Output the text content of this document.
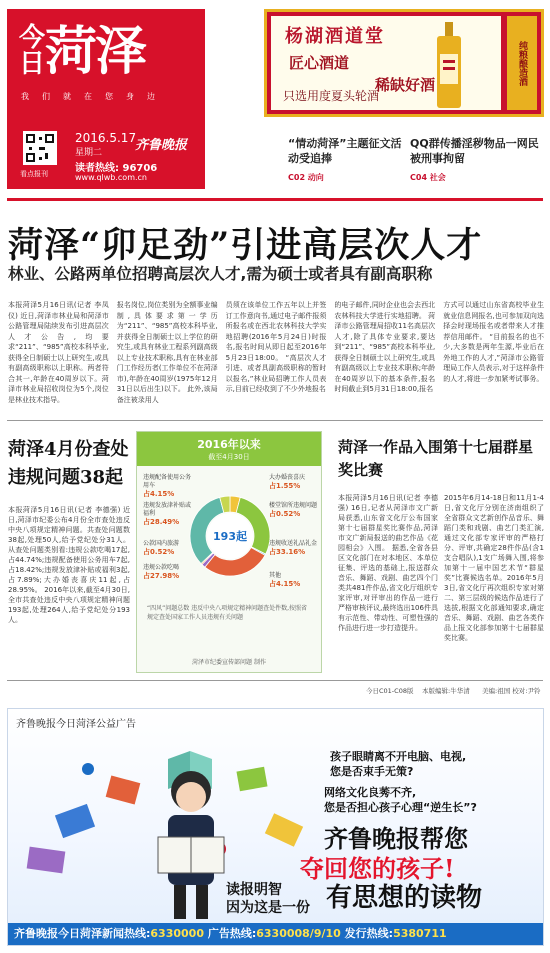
今日菏泽
我们就在您身边
看点报刊
2016.5.17
星期二	齐鲁晚报
读者热线: 96706
www.qlwb.com.cn
杨湖酒道堂
匠心酒道
稀缺好酒
只选用度夏头轮酒
纯粮酿造酒
“情动菏泽”主题征文活动受追捧
C02 动向
QQ群传播淫秽物品一网民被刑事拘留
C04 社会
菏泽“卯足劲”引进高层次人才
林业、公路两单位招聘高层次人才,需为硕士或者具有副高职称
本报菏泽5月16日讯(记者 李凤仪) 近日,菏泽市林业局和菏泽市公路管理局陆续发布引进高层次人才公告,均要求“211”、“985”高校本科毕业,获得全日制硕士以上研究生,或具有副高级职称以上职称。两者符合其一,年龄在40周岁以下。菏泽市林业局招收岗位为5个,岗位是林业技术指导。
报名岗位,岗位类别为全额事业编制,具体要求第一学历为“211”、“985”高校本科毕业,并获得全日制硕士以上学位的研究生,或具有林业工程系列副高级以上专业技术职称,具有在林业部门工作经历者(工作单位不在菏泽市),年龄在40周岁(1975年12月31日以后出生)以下。 此外,该局备注被录用人
员须在该单位工作五年以上并签订工作意向书,通过电子邮件报须所报名或在西北农林科技大学实地招聘(2016年5月24日)时报名,报名时间从即日起至2016年5月23日18:00。 “高层次人才引进、或者具副高级职称的暂时以报名,”林业局招聘工作人员表示,目前已经收到了不少外地报名
的电子邮件,同时企业也会去西北农林科技大学进行实地招聘。 菏泽市公路管理局招收11名高层次人才,除了具体专业要求,要达到“211”、“985”高校本科毕业,获得全日制硕士以上研究生,或具有副高级以上专业技术职称;年龄在40周岁以下的基本条件,报名时间截止到5月31日18:00,报名
方式可以通过山东省高校毕业生就业信息网报名,也可参加双向选择会时现场报名或者带来人才推荐信用邮件。 “目前报名的也不少,大多数是两年生源,毕业后在外地工作的人才,”菏泽市公路管理局工作人员表示,对于这样条件的人才,将进一步加紧考试事务。
菏泽4月份查处违规问题38起
本报菏泽5月16日讯(记者 李德强) 近日,菏泽市纪委公布4月份全市查处违反中央八项规定精神问题。共查处问题数38起,处理50人,给予党纪处分31人。 从查处问题类别看:违规公款吃喝17起,占44.74%;违规配备使用公务用车7起,占18.42%;违规发放津补贴或福利3起,占7.89%;大办婚丧喜庆11起,占28.95%。 2016年以来,截至4月30日,全市共查处违反中央八项规定精神问题193起,处理264人,给予党纪处分193人。
2016年以来
截至4月30日
193起
“四风”问题总数 违反中央八项规定精神问题查处件数,按照省规定查处国家工作人员违规有关问题
菏泽市纪委宣传部问题 制作
违规配备使用公务用车
占4.15%
违规发放津补贴或福利
占28.49%
公款国内旅游
占0.52%
违规公款吃喝
占27.98%
大办婚丧喜庆
占1.55%
楼堂馆所违规问题
占0.52%
违规收送礼品礼金
占33.16%
其他
占4.15%
菏泽一作品入围第十七届群星奖比赛
本报菏泽5月16日讯(记者 李德强) 16日,记者从菏泽市文广新局获悉,山东省文化厅公布国家第十七届群星奖比赛作品,菏泽市文广新局报送的曲艺作品《花园相会》入围。 据悉,全省各县区文化部门在对本地区、本单位征集、评选的基础上,报送群众音乐、舞蹈、戏剧、曲艺四个门类共481件作品,省文化厅组织专家评审,对评审出的作品一进行严格审核评议,最终选出106件具有示范性、带动性、可塑性强的作品进行进一步打造提升。
2015年6月14-18日和11月1-4日,省文化厅分别在济南组织了全省群众文艺新创作品音乐、舞蹈门类和戏剧、曲艺门类汇演,通过文化部专家评审的严格打分、评审,共确定28件作品(含1支合唱队),1支广场舞入围,将参加第十一届中国艺术节“群星奖”比赛候选名单。2016年5月3日,省文化厅再次组织专家对第二、第三层级的候选作品进行了选拔,根据文化部通知要求,确定音乐、舞蹈、戏剧、曲艺各类作品上报文化部参加第十七届群星奖比赛。
今日C01-C08版 本版编辑:牛华清 美编:祖国 校对:尹铃
齐鲁晚报今日菏泽公益广告
孩子眼睛离不开电脑、电视,
您是否束手无策?
网络文化良莠不齐,
您是否担心孩子心理“逆生长”?
齐鲁晚报帮您
夺回您的孩子!
读报明智
因为这是一份 有思想的读物
齐鲁晚报今日菏泽新闻热线:6330000 广告热线:6330008/9/10 发行热线:5380711
